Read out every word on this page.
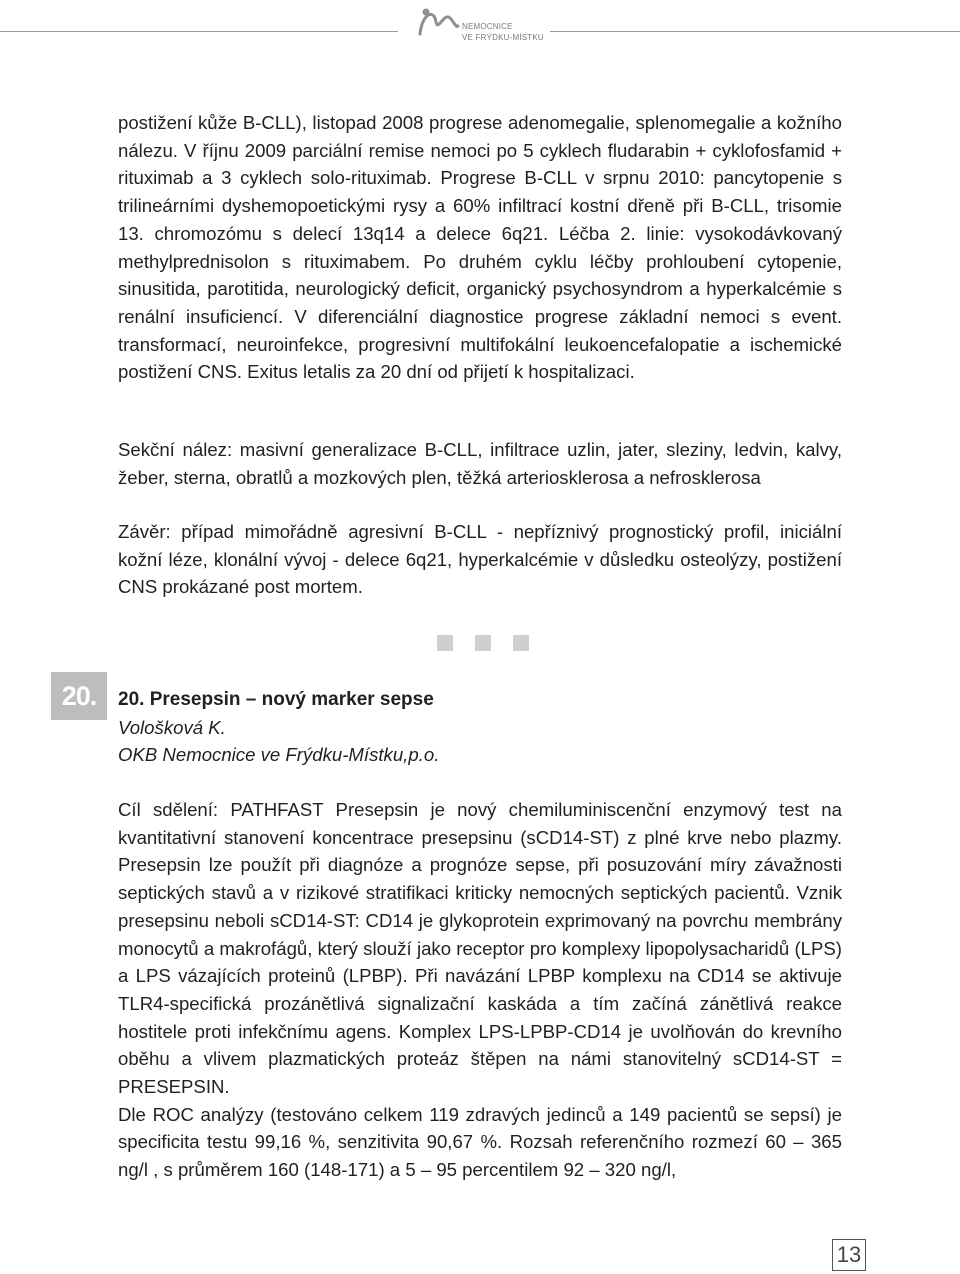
NEMOCNICE
VE FRÝDKU-MÍSTKU

postižení kůže B-CLL), listopad 2008 progrese adenomegalie, splenomegalie a kožního nálezu. V říjnu 2009 parciální remise nemoci po 5 cyklech fludarabin + cyklofosfamid + rituximab a 3 cyklech solo-rituximab. Progrese B-CLL v srpnu 2010: pancytopenie s trilineárními dyshemopoetickými rysy a 60% infiltrací kostní dřeně při B-CLL, trisomie 13. chromozómu s delecí 13q14 a delece 6q21. Léčba 2. linie: vysokodávkovaný methylprednisolon s rituximabem. Po druhém cyklu léčby prohloubení cytopenie, sinusitida, parotitida, neurologický deficit, organický psychosyndrom a hyperkalcémie s renální insuficiencí. V diferenciální diagnostice progrese základní nemoci s event. transformací, neuroinfekce, progresivní multifokální leukoencefalopatie a ischemické postižení CNS. Exitus letalis za 20 dní od přijetí k hospitalizaci.

Sekční nález: masivní generalizace B-CLL, infiltrace uzlin, jater, sleziny, ledvin, kalvy, žeber, sterna, obratlů a mozkových plen, těžká arteriosklerosa a nefrosklerosa

Závěr: případ mimořádně agresivní B-CLL - nepříznivý prognostický profil, iniciální kožní léze, klonální vývoj - delece 6q21, hyperkalcémie v důsledku osteolýzy, postižení CNS prokázané post mortem.

20.	20. Presepsin – nový marker sepse
Vološková K.
OKB Nemocnice ve Frýdku-Místku,p.o.

Cíl sdělení: PATHFAST Presepsin je nový chemiluminiscenční enzymový test na kvantitativní stanovení koncentrace presepsinu (sCD14-ST) z plné krve nebo plazmy. Presepsin lze použít při diagnóze a prognóze sepse, při posuzování míry závažnosti septických stavů a v rizikové stratifikaci kriticky nemocných septických pacientů. Vznik presepsinu neboli sCD14-ST: CD14 je glykoprotein exprimovaný na povrchu membrány monocytů a makrofágů, který slouží jako receptor pro komplexy lipopolysacharidů (LPS) a LPS vázajících proteinů (LPBP). Při navázání LPBP komplexu na CD14 se aktivuje TLR4-specifická prozánětlivá signalizační kaskáda a tím začíná zánětlivá reakce hostitele proti infekčnímu agens. Komplex LPS-LPBP-CD14 je uvolňován do krevního oběhu a vlivem plazmatických proteáz štěpen na námi stanovitelný sCD14-ST = PRESEPSIN.

Dle ROC analýzy (testováno celkem 119 zdravých jedinců a 149 pacientů se sepsí) je specificita testu 99,16 %, senzitivita 90,67 %. Rozsah referenčního rozmezí 60 – 365 ng/l , s průměrem 160 (148-171) a 5 – 95 percentilem 92 – 320 ng/l,

13
